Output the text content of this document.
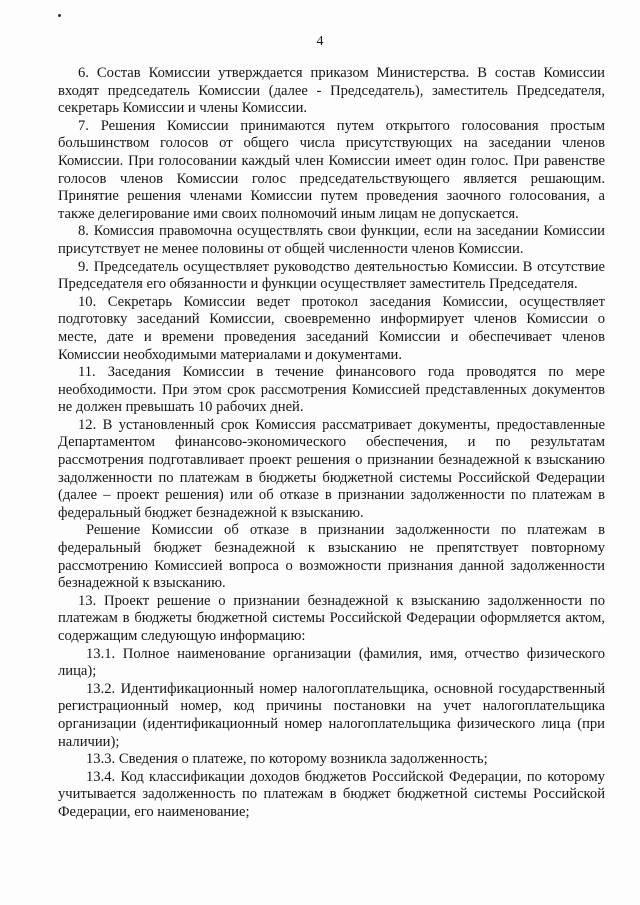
4

6. Состав Комиссии утверждается приказом Министерства. В состав Комиссии входят председатель Комиссии (далее - Председатель), заместитель Председателя, секретарь Комиссии и члены Комиссии.

7. Решения Комиссии принимаются путем открытого голосования простым большинством голосов от общего числа присутствующих на заседании членов Комиссии. При голосовании каждый член Комиссии имеет один голос. При равенстве голосов членов Комиссии голос председательствующего является решающим. Принятие решения членами Комиссии путем проведения заочного голосования, а также делегирование ими своих полномочий иным лицам не допускается.

8. Комиссия правомочна осуществлять свои функции, если на заседании Комиссии присутствует не менее половины от общей численности членов Комиссии.

9. Председатель осуществляет руководство деятельностью Комиссии. В отсутствие Председателя его обязанности и функции осуществляет заместитель Председателя.

10. Секретарь Комиссии ведет протокол заседания Комиссии, осуществляет подготовку заседаний Комиссии, своевременно информирует членов Комиссии о месте, дате и времени проведения заседаний Комиссии и обеспечивает членов Комиссии необходимыми материалами и документами.

11. Заседания Комиссии в течение финансового года проводятся по мере необходимости. При этом срок рассмотрения Комиссией представленных документов не должен превышать 10 рабочих дней.

12. В установленный срок Комиссия рассматривает документы, предоставленные Департаментом финансово-экономического обеспечения, и по результатам рассмотрения подготавливает проект решения о признании безнадежной к взысканию задолженности по платежам в бюджеты бюджетной системы Российской Федерации (далее – проект решения) или об отказе в признании задолженности по платежам в федеральный бюджет безнадежной к взысканию.

Решение Комиссии об отказе в признании задолженности по платежам в федеральный бюджет безнадежной к взысканию не препятствует повторному рассмотрению Комиссией вопроса о возможности признания данной задолженности безнадежной к взысканию.

13. Проект решение о признании безнадежной к взысканию задолженности по платежам в бюджеты бюджетной системы Российской Федерации оформляется актом, содержащим следующую информацию:

13.1. Полное наименование организации (фамилия, имя, отчество физического лица);

13.2. Идентификационный номер налогоплательщика, основной государственный регистрационный номер, код причины постановки на учет налогоплательщика организации (идентификационный номер налогоплательщика физического лица (при наличии);

13.3. Сведения о платеже, по которому возникла задолженность;

13.4. Код классификации доходов бюджетов Российской Федерации, по которому учитывается задолженность по платежам в бюджет бюджетной системы Российской Федерации, его наименование;
